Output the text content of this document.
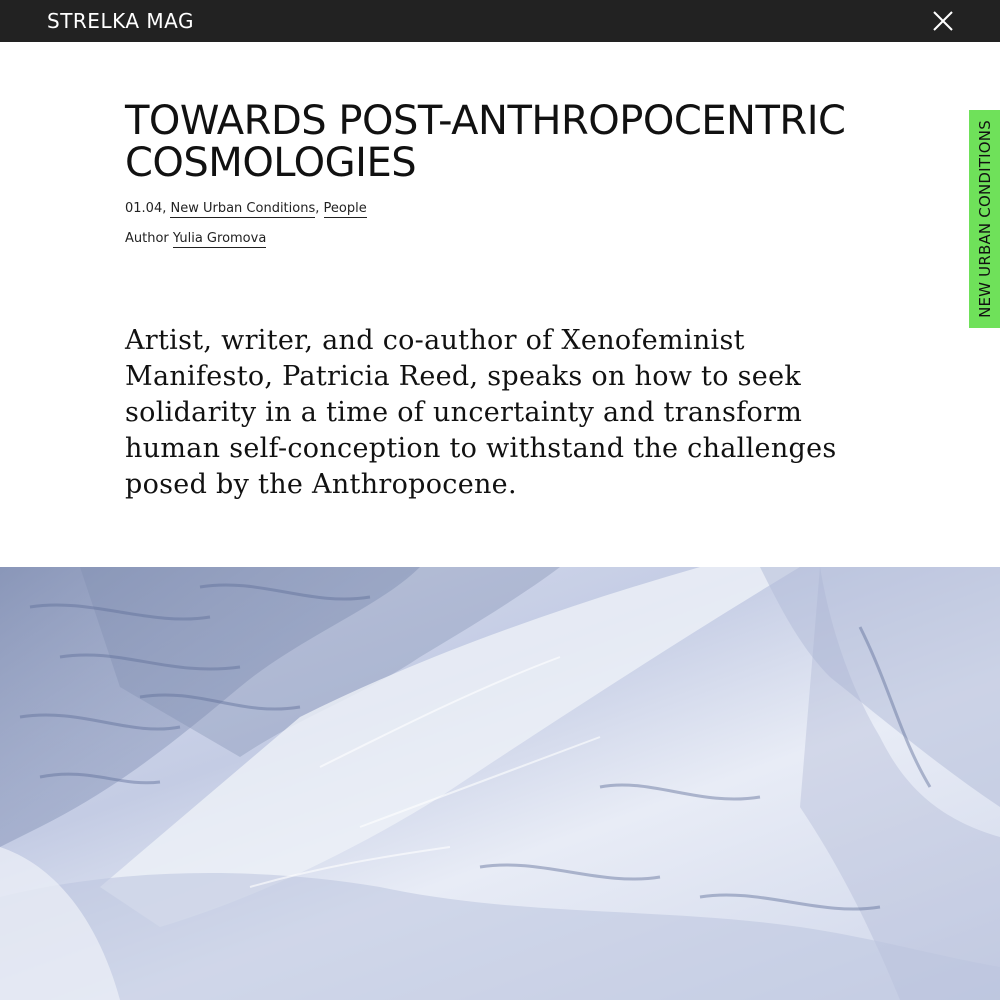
STRELKA MAG
NEW URBAN CONDITIONS
TOWARDS POST-ANTHROPOCENTRIC COSMOLOGIES
01.04, New Urban Conditions, People
Author Yulia Gromova

Artist, writer, and co-author of Xenofeminist Manifesto, Patricia Reed, speaks on how to seek solidarity in a time of uncertainty and transform human self-conception to withstand the challenges posed by the Anthropocene.
